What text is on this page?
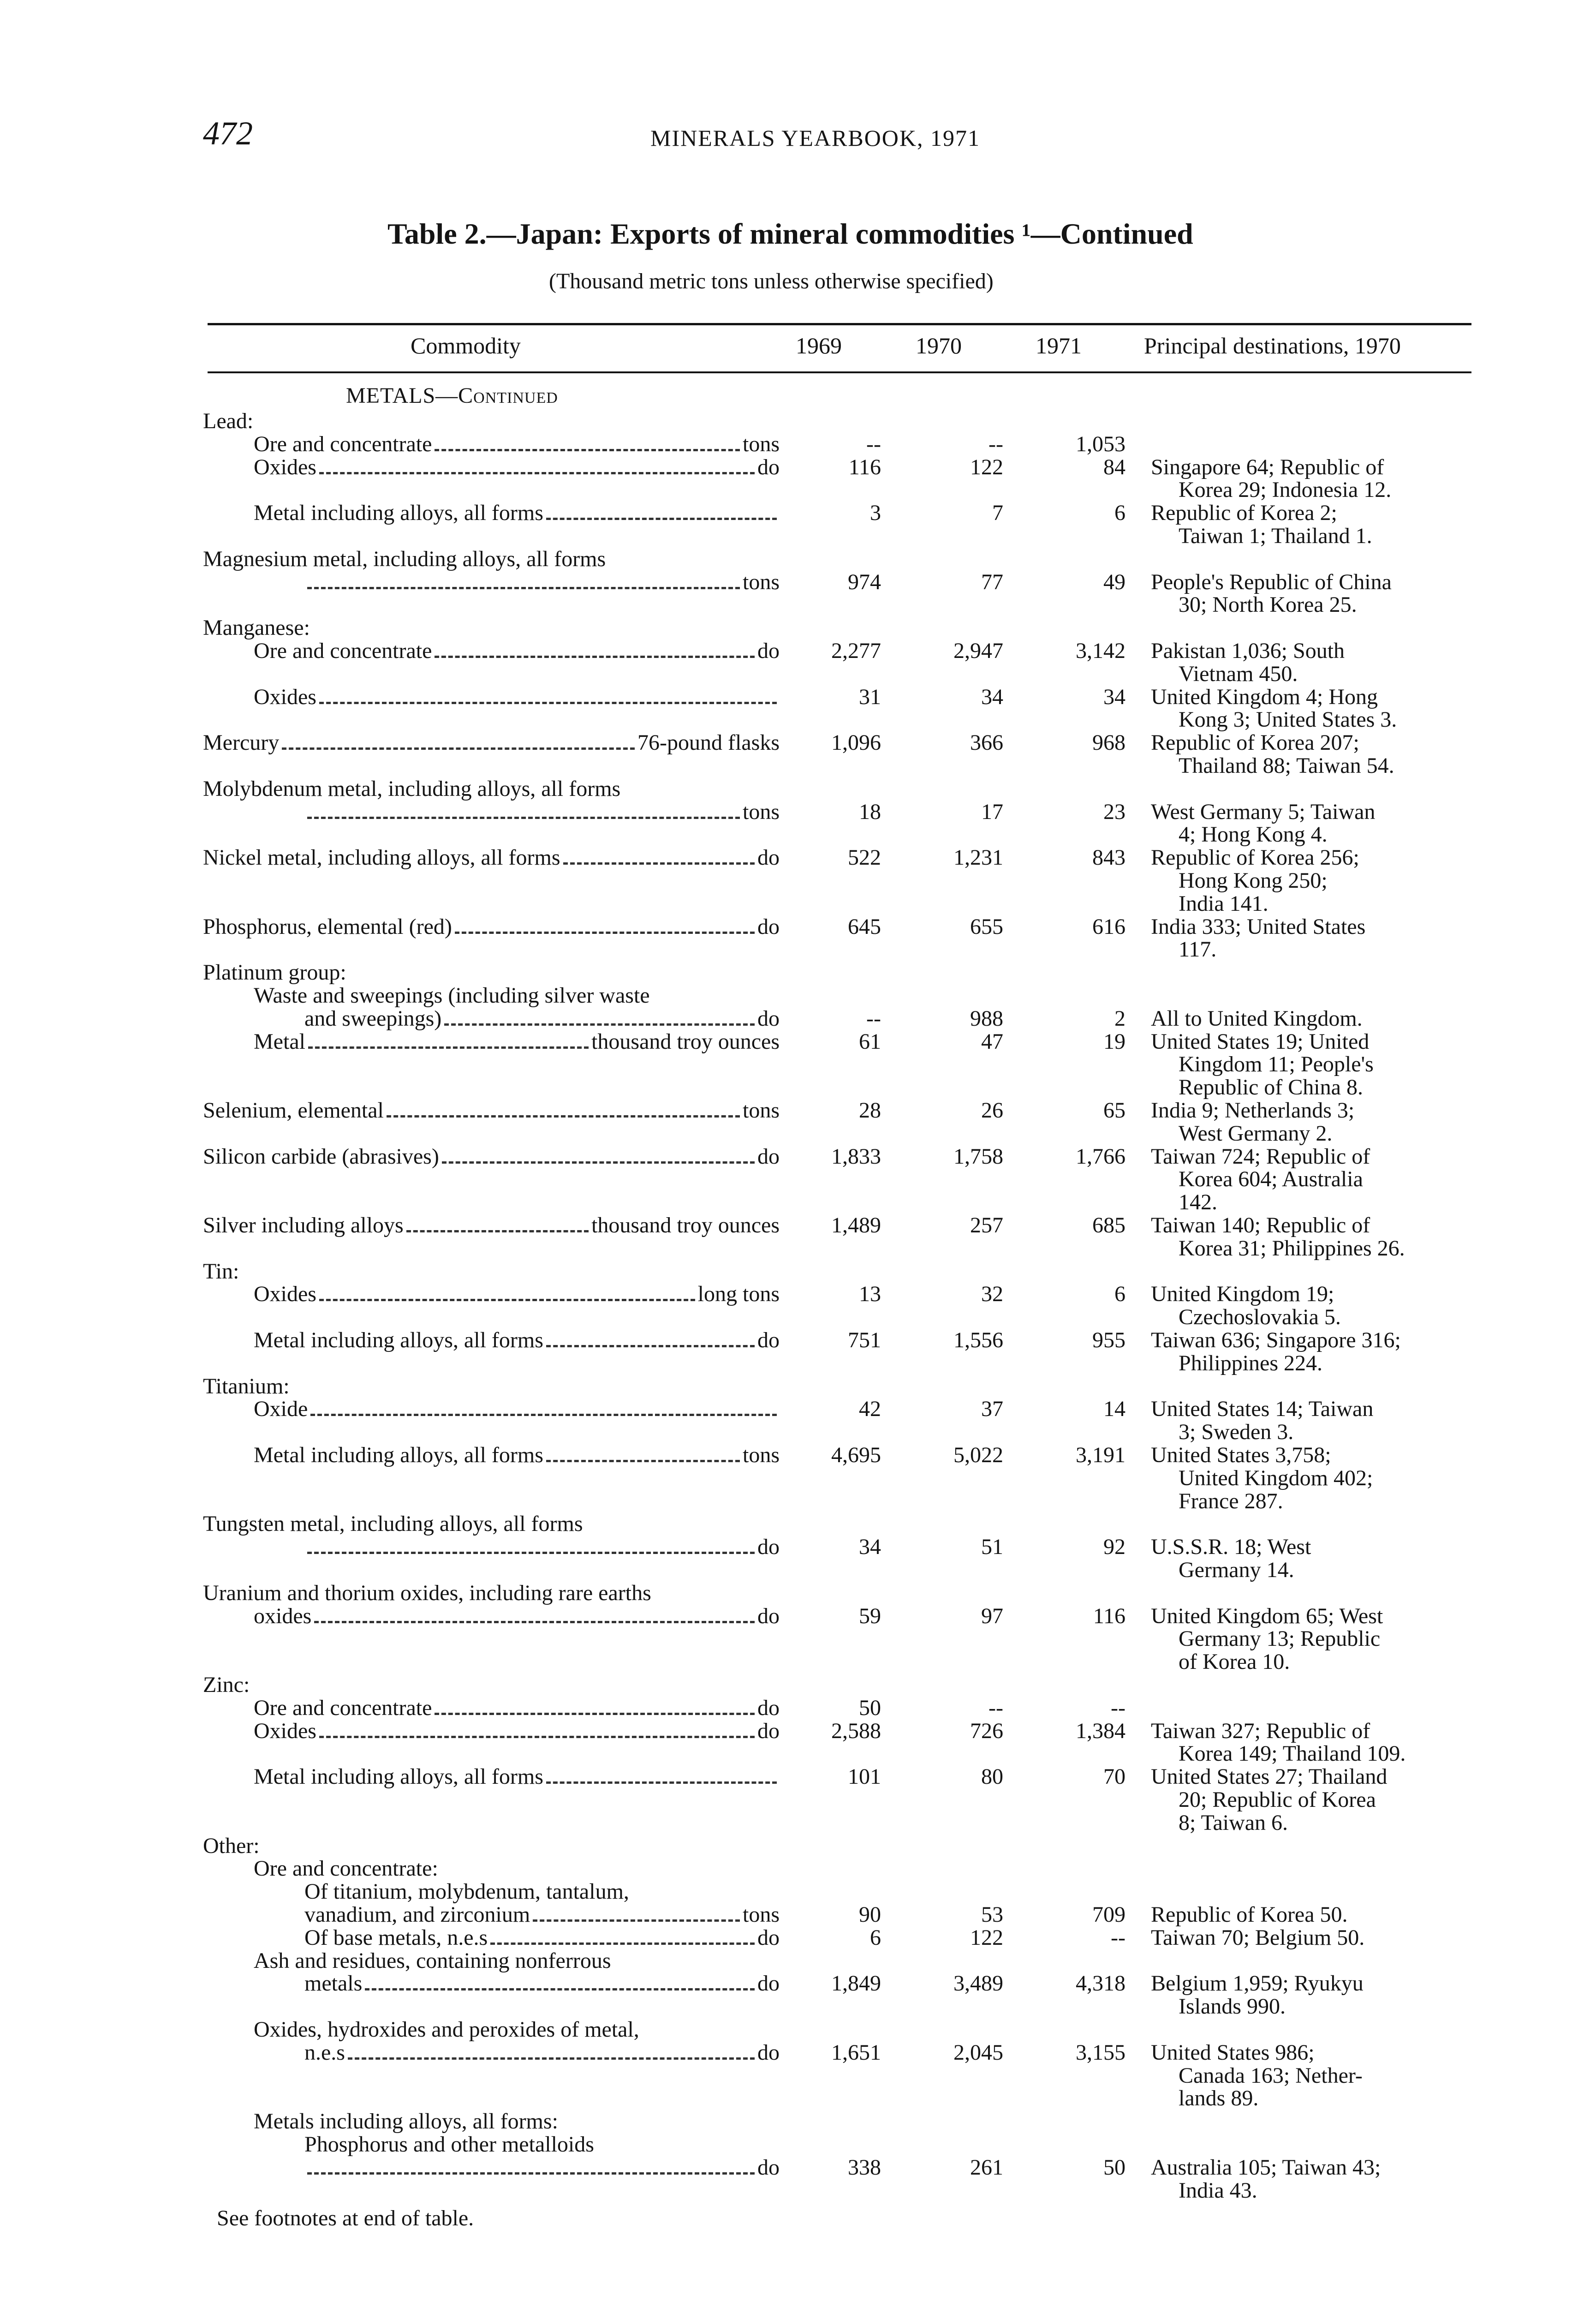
472	MINERALS YEARBOOK, 1971
Table 2.—Japan: Exports of mineral commodities ¹—Continued
(Thousand metric tons unless otherwise specified)
Commodity	1969	1970	1971	Principal destinations, 1970
METALS—Continued
Lead:
Ore and concentrate	tons	--	--	1,053
Oxides	do	116	122	84 Singapore 64; Republic of
Korea 29; Indonesia 12.
Metal including alloys, all forms	3	7	6 Republic of Korea 2;
Taiwan 1; Thailand 1.
Magnesium metal, including alloys, all forms
tons	974	77	49 People's Republic of China
30; North Korea 25.
Manganese:
Ore and concentrate	do	2,277	2,947	3,142 Pakistan 1,036; South
Vietnam 450.
Oxides	31	34	34 United Kingdom 4; Hong
Kong 3; United States 3.
Mercury	76-pound flasks	1,096	366	968 Republic of Korea 207;
Thailand 88; Taiwan 54.
Molybdenum metal, including alloys, all forms
tons	18	17	23 West Germany 5; Taiwan
4; Hong Kong 4.
Nickel metal, including alloys, all forms	do	522	1,231	843 Republic of Korea 256;
Hong Kong 250;
India 141.
Phosphorus, elemental (red)	do	645	655	616 India 333; United States
117.
Platinum group:
Waste and sweepings (including silver waste
and sweepings)	do	--	988	2 All to United Kingdom.
Metal	thousand troy ounces	61	47	19 United States 19; United
Kingdom 11; People's
Republic of China 8.
Selenium, elemental	tons	28	26	65 India 9; Netherlands 3;
West Germany 2.
Silicon carbide (abrasives)	do	1,833	1,758	1,766 Taiwan 724; Republic of
Korea 604; Australia
142.
Silver including alloys	thousand troy ounces	1,489	257	685 Taiwan 140; Republic of
Korea 31; Philippines 26.
Tin:
Oxides	long tons	13	32	6 United Kingdom 19;
Czechoslovakia 5.
Metal including alloys, all forms	do	751	1,556	955 Taiwan 636; Singapore 316;
Philippines 224.
Titanium:
Oxide	42	37	14 United States 14; Taiwan
3; Sweden 3.
Metal including alloys, all forms	tons	4,695	5,022	3,191 United States 3,758;
United Kingdom 402;
France 287.
Tungsten metal, including alloys, all forms
do	34	51	92 U.S.S.R. 18; West
Germany 14.
Uranium and thorium oxides, including rare earths
oxides	do	59	97	116 United Kingdom 65; West
Germany 13; Republic
of Korea 10.
Zinc:
Ore and concentrate	do	50	--	--
Oxides	do	2,588	726	1,384 Taiwan 327; Republic of
Korea 149; Thailand 109.
Metal including alloys, all forms	101	80	70 United States 27; Thailand
20; Republic of Korea
8; Taiwan 6.
Other:
Ore and concentrate:
Of titanium, molybdenum, tantalum,
vanadium, and zirconium	tons	90	53	709 Republic of Korea 50.
Of base metals, n.e.s	do	6	122	-- Taiwan 70; Belgium 50.
Ash and residues, containing nonferrous
metals	do	1,849	3,489	4,318 Belgium 1,959; Ryukyu
Islands 990.
Oxides, hydroxides and peroxides of metal,
n.e.s	do	1,651	2,045	3,155 United States 986;
Canada 163; Nether-
lands 89.
Metals including alloys, all forms:
Phosphorus and other metalloids
do	338	261	50 Australia 105; Taiwan 43;
India 43.
See footnotes at end of table.
